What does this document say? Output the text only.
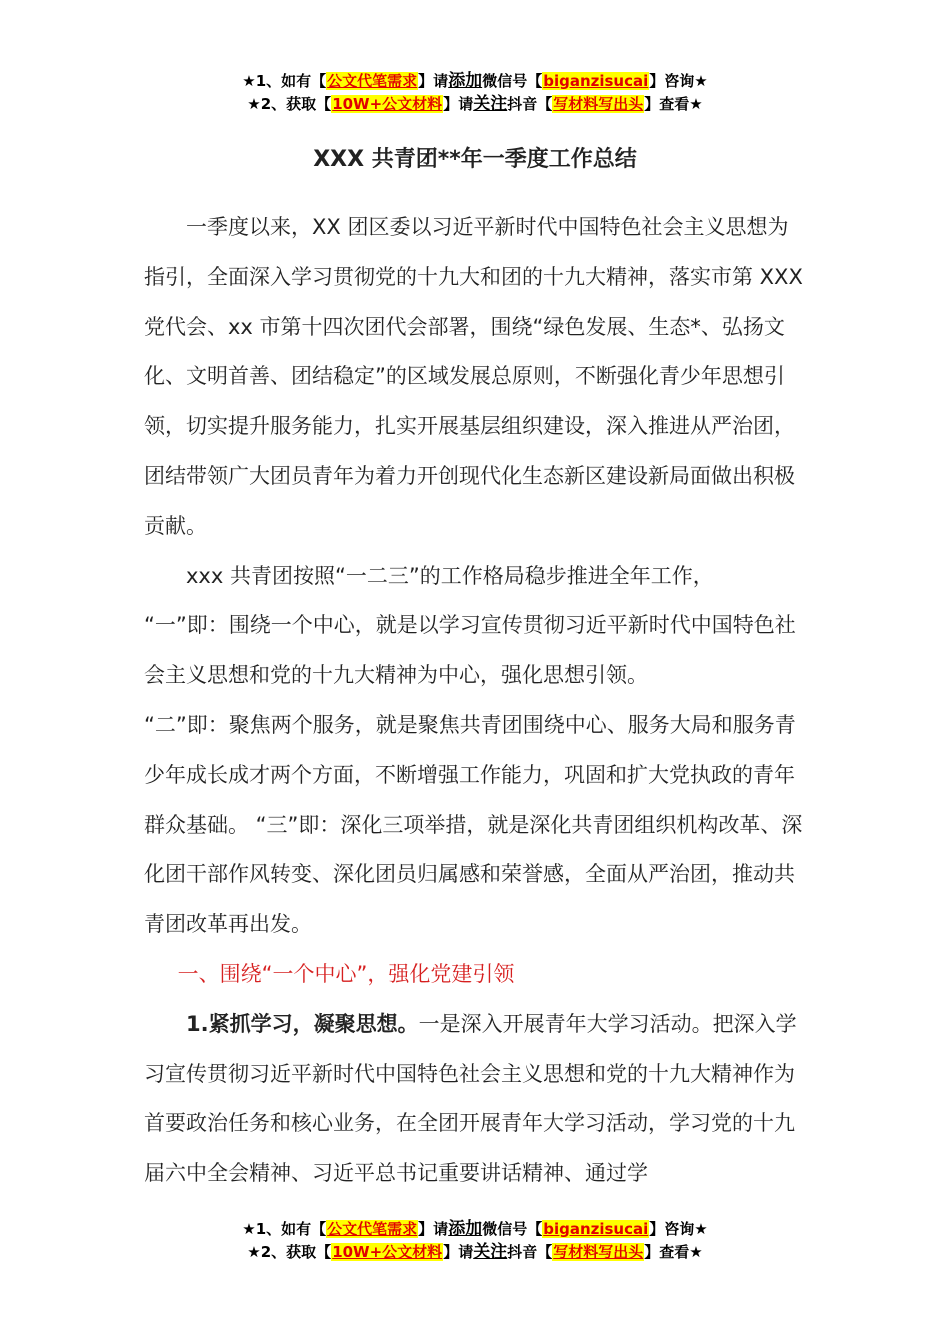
★1、如有【公文代笔需求】请添加微信号【biganzisucai】咨询★
★2、获取【10W+公文材料】请关注抖音【写材料写出头】查看★
XXX 共青团**年一季度工作总结

一季度以来，XX 团区委以习近平新时代中国特色社会主义思想为指引，全面深入学习贯彻党的十九大和团的十九大精神，落实市第 XXX 党代会、xx 市第十四次团代会部署，围绕“绿色发展、生态*、弘扬文化、文明首善、团结稳定”的区域发展总原则，不断强化青少年思想引领，切实提升服务能力，扎实开展基层组织建设，深入推进从严治团，团结带领广大团员青年为着力开创现代化生态新区建设新局面做出积极贡献。

xxx 共青团按照“一二三”的工作格局稳步推进全年工作，

“一”即：围绕一个中心，就是以学习宣传贯彻习近平新时代中国特色社会主义思想和党的十九大精神为中心，强化思想引领。

“二”即：聚焦两个服务，就是聚焦共青团围绕中心、服务大局和服务青少年成长成才两个方面，不断增强工作能力，巩固和扩大党执政的青年群众基础。 “三”即：深化三项举措，就是深化共青团组织机构改革、深化团干部作风转变、深化团员归属感和荣誉感，全面从严治团，推动共青团改革再出发。

一、围绕“一个中心”，强化党建引领

1.紧抓学习，凝聚思想。一是深入开展青年大学习活动。把深入学习宣传贯彻习近平新时代中国特色社会主义思想和党的十九大精神作为首要政治任务和核心业务，在全团开展青年大学习活动，学习党的十九届六中全会精神、习近平总书记重要讲话精神、通过学

★1、如有【公文代笔需求】请添加微信号【biganzisucai】咨询★
★2、获取【10W+公文材料】请关注抖音【写材料写出头】查看★
